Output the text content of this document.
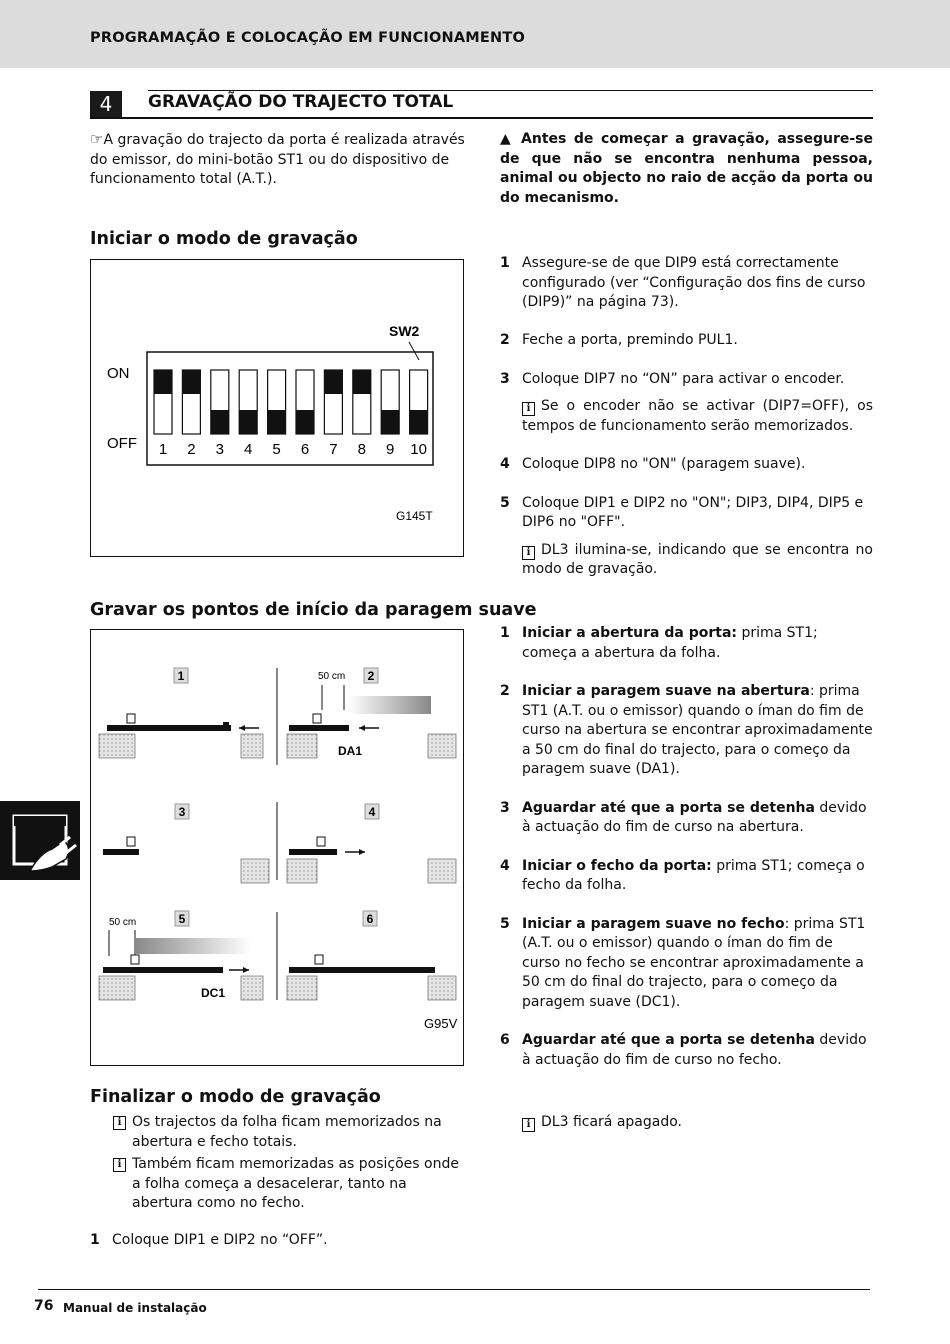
PROGRAMAÇÃO E COLOCAÇÃO EM FUNCIONAMENTO
4	GRAVAÇÃO DO TRAJECTO TOTAL
☞A gravação do trajecto da porta é realizada através do emissor, do mini-botão ST1 ou do dispositivo de funcionamento total (A.T.).
▲ Antes de começar a gravação, assegure-se de que não se encontra nenhuma pessoa, animal ou objecto no raio de acção da porta ou do mecanismo.
Iniciar o modo de gravação
SW2
ON
OFF 1 2 3 4 5 6 7 8 9 10
G145T
1 Assegure-se de que DIP9 está correctamente configurado (ver “Configuração dos fins de curso (DIP9)” na página 73).
2 Feche a porta, premindo PUL1.
3 Coloque DIP7 no “ON” para activar o encoder.
i Se o encoder não se activar (DIP7=OFF), os tempos de funcionamento serão memorizados.
4 Coloque DIP8 no "ON" (paragem suave).
5 Coloque DIP1 e DIP2 no "ON"; DIP3, DIP4, DIP5 e DIP6 no "OFF".
i DL3 ilumina-se, indicando que se encontra no modo de gravação.
Gravar os pontos de início da paragem suave
1	2
50 cm
DA1
3	4
5
50 cm
DC1
6
G95V
1 Iniciar a abertura da porta: prima ST1; começa a abertura da folha.
2 Iniciar a paragem suave na abertura: prima ST1 (A.T. ou o emissor) quando o íman do fim de curso na abertura se encontrar aproximadamente a 50 cm do final do trajecto, para o começo da paragem suave (DA1).
3 Aguardar até que a porta se detenha devido à actuação do fim de curso na abertura.
4 Iniciar o fecho da porta: prima ST1; começa o fecho da folha.
5 Iniciar a paragem suave no fecho: prima ST1 (A.T. ou o emissor) quando o íman do fim de curso no fecho se encontrar aproximadamente a 50 cm do final do trajecto, para o começo da paragem suave (DC1).
6 Aguardar até que a porta se detenha devido à actuação do fim de curso no fecho.
Finalizar o modo de gravação
i Os trajectos da folha ficam memorizados na abertura e fecho totais.
i Também ficam memorizadas as posições onde a folha começa a desacelerar, tanto na abertura como no fecho.
1 Coloque DIP1 e DIP2 no “OFF”.
i DL3 ficará apagado.
76 Manual de instalação
